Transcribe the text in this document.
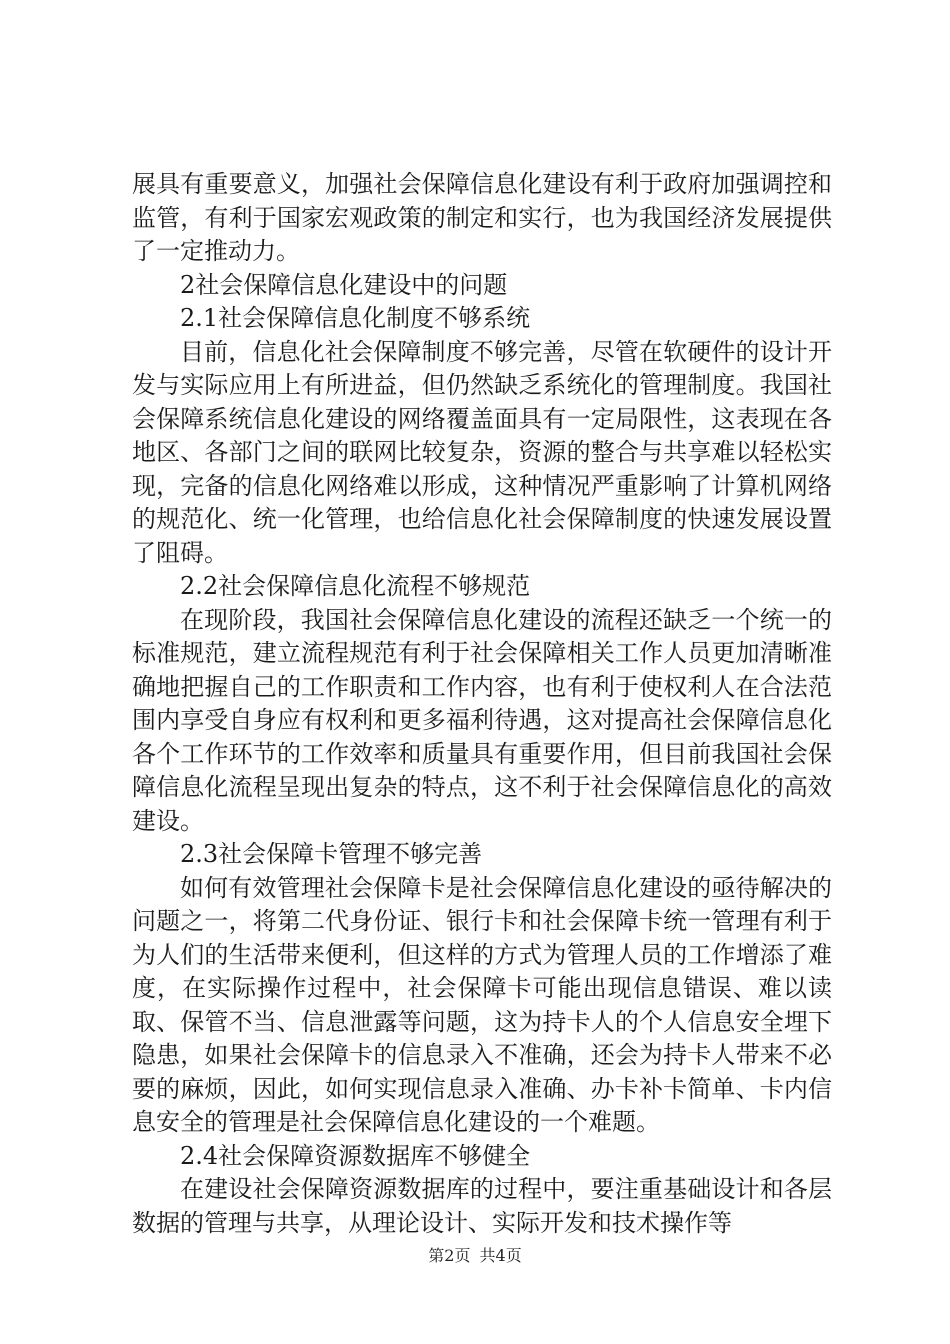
展具有重要意义，加强社会保障信息化建设有利于政府加强调控和监管，有利于国家宏观政策的制定和实行，也为我国经济发展提供了一定推动力。

2社会保障信息化建设中的问题

2.1社会保障信息化制度不够系统

目前，信息化社会保障制度不够完善，尽管在软硬件的设计开发与实际应用上有所进益，但仍然缺乏系统化的管理制度。我国社会保障系统信息化建设的网络覆盖面具有一定局限性，这表现在各地区、各部门之间的联网比较复杂，资源的整合与共享难以轻松实现，完备的信息化网络难以形成，这种情况严重影响了计算机网络的规范化、统一化管理，也给信息化社会保障制度的快速发展设置了阻碍。

2.2社会保障信息化流程不够规范

在现阶段，我国社会保障信息化建设的流程还缺乏一个统一的标准规范，建立流程规范有利于社会保障相关工作人员更加清晰准确地把握自己的工作职责和工作内容，也有利于使权利人在合法范围内享受自身应有权利和更多福利待遇，这对提高社会保障信息化各个工作环节的工作效率和质量具有重要作用，但目前我国社会保障信息化流程呈现出复杂的特点，这不利于社会保障信息化的高效建设。

2.3社会保障卡管理不够完善

如何有效管理社会保障卡是社会保障信息化建设的亟待解决的问题之一，将第二代身份证、银行卡和社会保障卡统一管理有利于为人们的生活带来便利，但这样的方式为管理人员的工作增添了难度，在实际操作过程中，社会保障卡可能出现信息错误、难以读取、保管不当、信息泄露等问题，这为持卡人的个人信息安全埋下隐患，如果社会保障卡的信息录入不准确，还会为持卡人带来不必要的麻烦，因此，如何实现信息录入准确、办卡补卡简单、卡内信息安全的管理是社会保障信息化建设的一个难题。

2.4社会保障资源数据库不够健全

在建设社会保障资源数据库的过程中，要注重基础设计和各层数据的管理与共享，从理论设计、实际开发和技术操作等

第2页 共4页
